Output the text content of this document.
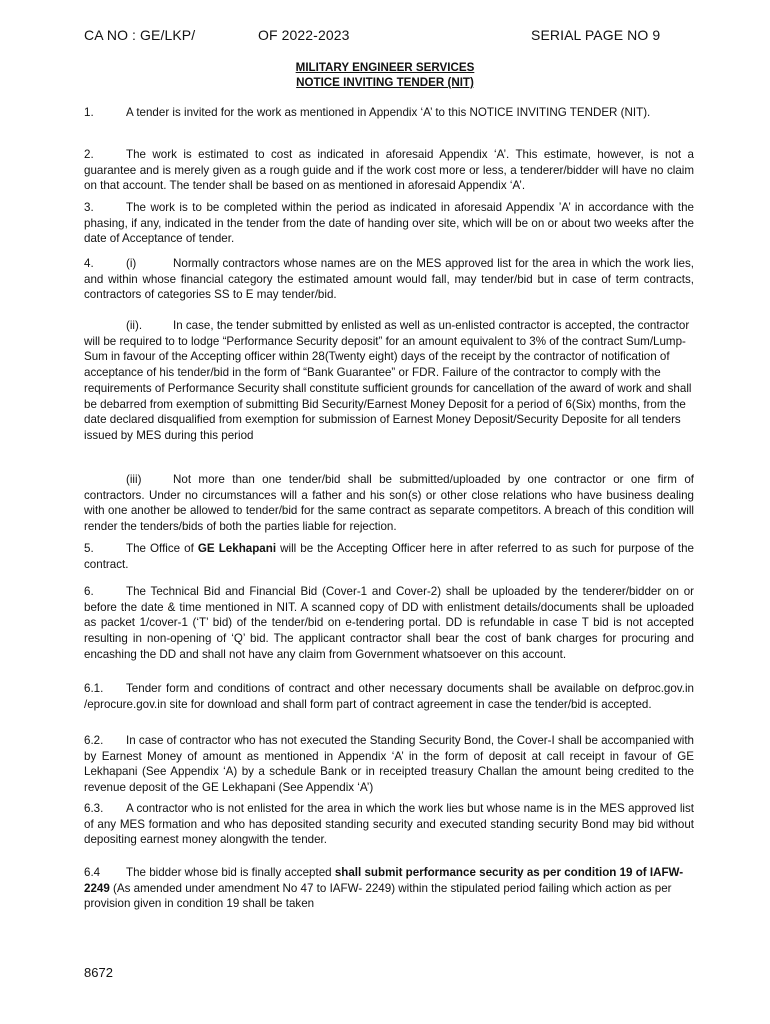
CA NO : GE/LKP/	OF 2022-2023	SERIAL PAGE NO 9
MILITARY ENGINEER SERVICES
NOTICE INVITING TENDER (NIT)
1.	A tender is invited for the work as mentioned in Appendix ‘A’ to this NOTICE INVITING TENDER (NIT).
2.	The work is estimated to cost as indicated in aforesaid Appendix ‘A’. This estimate, however, is not a guarantee and is merely given as a rough guide and if the work cost more or less, a tenderer/bidder will have no claim on that account. The tender shall be based on as mentioned in aforesaid Appendix ‘A’.
3.	The work is to be completed within the period as indicated in aforesaid Appendix ’A’ in accordance with the phasing, if any, indicated in the tender from the date of handing over site, which will be on or about two weeks after the date of Acceptance of tender.
4.	(i)	Normally contractors whose names are on the MES approved list for the area in which the work lies, and within whose financial category the estimated amount would fall, may tender/bid but in case of term contracts, contractors of categories SS to E may tender/bid.
(ii).	In case, the tender submitted by enlisted as well as un-enlisted contractor is accepted, the contractor will be required to to lodge “Performance Security deposit” for an amount equivalent to 3% of the contract Sum/Lump-Sum in favour of the Accepting officer within 28(Twenty eight) days of the receipt by the contractor of notification of acceptance of his tender/bid in the form of “Bank Guarantee” or FDR. Failure of the contractor to comply with the requirements of Performance Security shall constitute sufficient grounds for cancellation of the award of work and shall be debarred from exemption of submitting Bid Security/Earnest Money Deposit for a period of 6(Six) months, from the date declared disqualified from exemption for submission of Earnest Money Deposit/Security Deposite for all tenders issued by MES during this period
(iii)	Not more than one tender/bid shall be submitted/uploaded by one contractor or one firm of contractors. Under no circumstances will a father and his son(s) or other close relations who have business dealing with one another be allowed to tender/bid for the same contract as separate competitors. A breach of this condition will render the tenders/bids of both the parties liable for rejection.
5.	The Office of GE Lekhapani will be the Accepting Officer here in after referred to as such for purpose of the contract.
6.	The Technical Bid and Financial Bid (Cover-1 and Cover-2) shall be uploaded by the tenderer/bidder on or before the date & time mentioned in NIT. A scanned copy of DD with enlistment details/documents shall be uploaded as packet 1/cover-1 (‘T’ bid) of the tender/bid on e-tendering portal. DD is refundable in case T bid is not accepted resulting in non-opening of ‘Q’ bid. The applicant contractor shall bear the cost of bank charges for procuring and encashing the DD and shall not have any claim from Government whatsoever on this account.
6.1. Tender form and conditions of contract and other necessary documents shall be available on defproc.gov.in /eprocure.gov.in site for download and shall form part of contract agreement in case the tender/bid is accepted.
6.2. In case of contractor who has not executed the Standing Security Bond, the Cover-I shall be accompanied with by Earnest Money of amount as mentioned in Appendix ‘A’ in the form of deposit at call receipt in favour of GE Lekhapani (See Appendix ‘A) by a schedule Bank or in receipted treasury Challan the amount being credited to the revenue deposit of the GE Lekhapani (See Appendix ‘A’)
6.3. A contractor who is not enlisted for the area in which the work lies but whose name is in the MES approved list of any MES formation and who has deposited standing security and executed standing security Bond may bid without depositing earnest money alongwith the tender.
6.4 The bidder whose bid is finally accepted shall submit performance security as per condition 19 of IAFW-2249 (As amended under amendment No 47 to IAFW- 2249) within the stipulated period failing which action as per provision given in condition 19 shall be taken
8672
